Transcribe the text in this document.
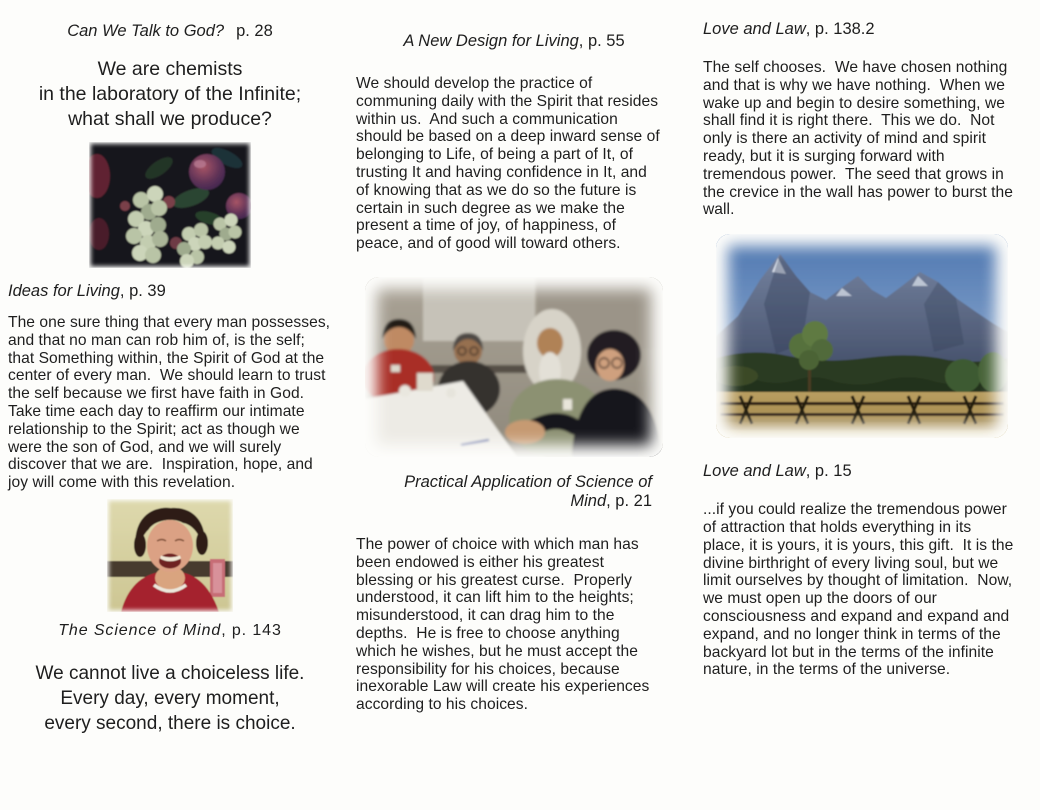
Can We Talk to God? p. 28
We are chemists
in the laboratory of the Infinite;
what shall we produce?
Ideas for Living, p. 39

The one sure thing that every man possesses, and that no man can rob him of, is the self; that Something within, the Spirit of God at the center of every man.  We should learn to trust the self because we first have faith in God.  Take time each day to reaffirm our intimate relationship to the Spirit; act as though we were the son of God, and we will surely discover that we are.  Inspiration, hope, and joy will come with this revelation.

The Science of Mind, p. 143
We cannot live a choiceless life.
Every day, every moment,
every second, there is choice.
A New Design for Living, p. 55

We should develop the practice of communing daily with the Spirit that resides within us.  And such a communication should be based on a deep inward sense of belonging to Life, of being a part of It, of trusting It and having confidence in It, and of knowing that as we do so the future is certain in such degree as we make the present a time of joy, of happiness, of peace, and of good will toward others.

Practical Application of Science of
Mind, p. 21

The power of choice with which man has been endowed is either his greatest blessing or his greatest curse.  Properly understood, it can lift him to the heights; misunderstood, it can drag him to the depths.  He is free to choose anything which he wishes, but he must accept the responsibility for his choices, because inexorable Law will create his experiences according to his choices.

Love and Law, p. 138.2

The self chooses.  We have chosen nothing and that is why we have nothing.  When we wake up and begin to desire something, we shall find it is right there.  This we do.  Not only is there an activity of mind and spirit ready, but it is surging forward with tremendous power.  The seed that grows in the crevice in the wall has power to burst the wall.

Love and Law, p. 15

...if you could realize the tremendous power of attraction that holds everything in its place, it is yours, it is yours, this gift.  It is the divine birthright of every living soul, but we limit ourselves by thought of limitation.  Now, we must open up the doors of our consciousness and expand and expand and expand, and no longer think in terms of the backyard lot but in the terms of the infinite nature, in the terms of the universe.
